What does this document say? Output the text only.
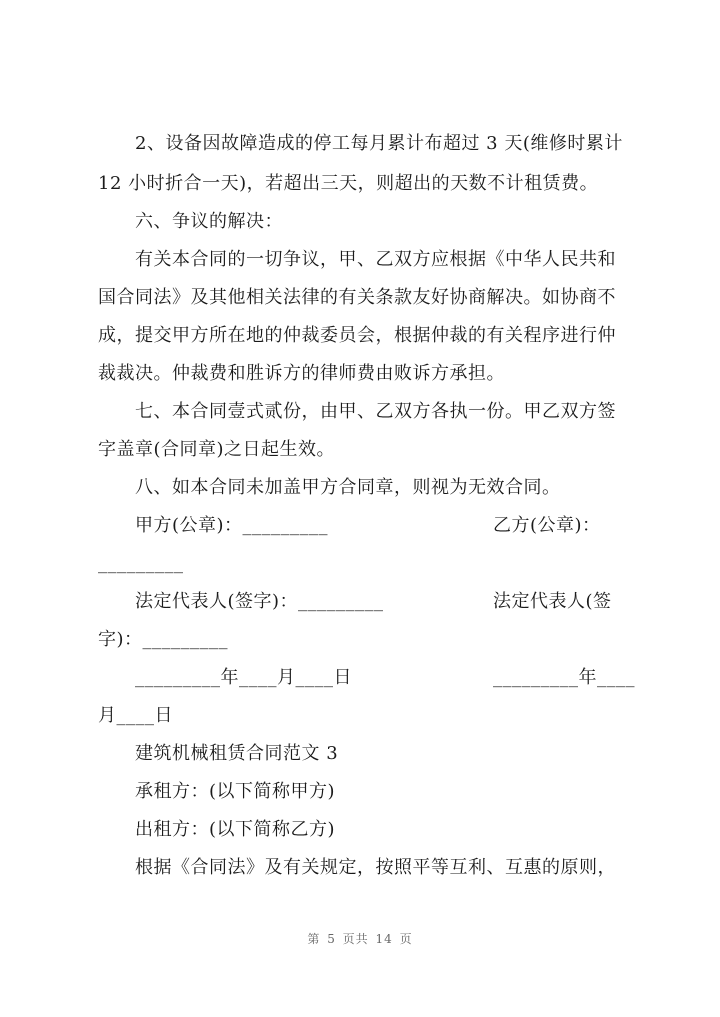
2、设备因故障造成的停工每月累计布超过 3 天(维修时累计
12 小时折合一天)，若超出三天，则超出的天数不计租赁费。
六、争议的解决：
有关本合同的一切争议，甲、乙双方应根据《中华人民共和
国合同法》及其他相关法律的有关条款友好协商解决。如协商不
成，提交甲方所在地的仲裁委员会，根据仲裁的有关程序进行仲
裁裁决。仲裁费和胜诉方的律师费由败诉方承担。
七、本合同壹式贰份，由甲、乙双方各执一份。甲乙双方签
字盖章(合同章)之日起生效。
八、如本合同未加盖甲方合同章，则视为无效合同。
甲方(公章)：_________	乙方(公章)：
_________
法定代表人(签字)：_________	法定代表人(签
字)：_________
_________年____月____日	_________年____
月____日
建筑机械租赁合同范文 3
承租方：(以下简称甲方)
出租方：(以下简称乙方)
根据《合同法》及有关规定，按照平等互利、互惠的原则，
第 5 页共 14 页
